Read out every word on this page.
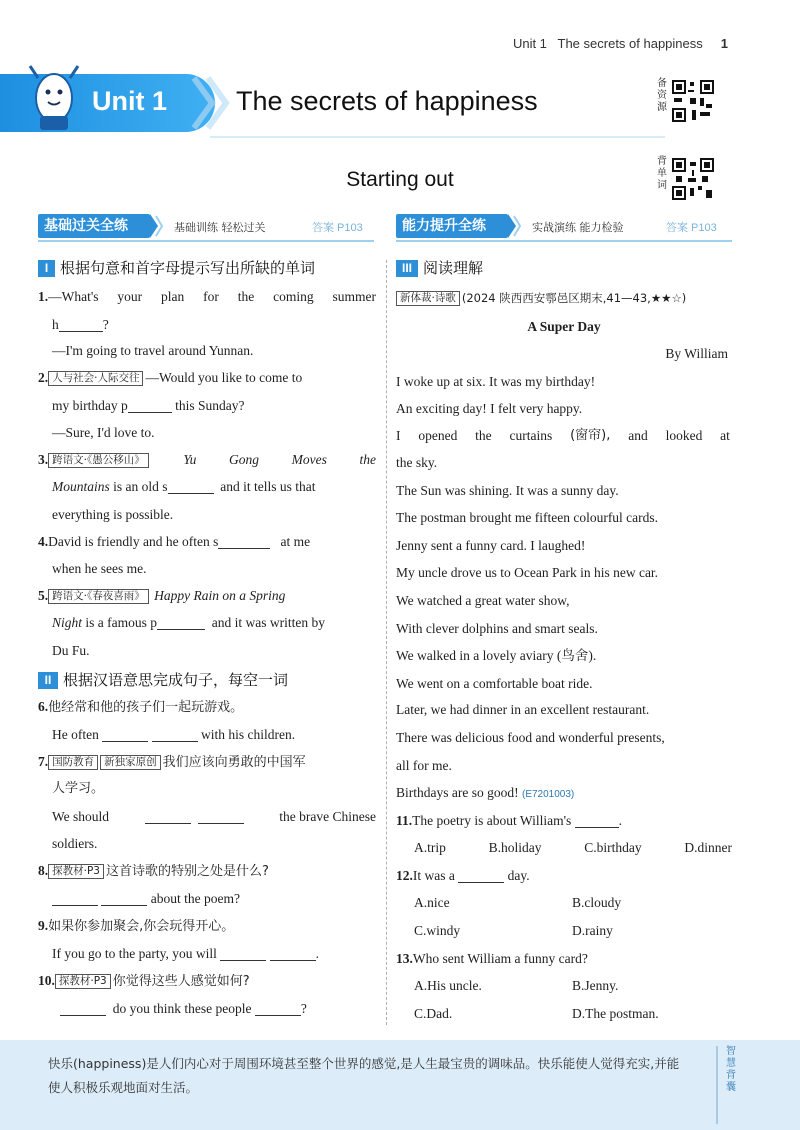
Unit 1   The secrets of happiness 1
Unit 1	The secrets of happiness
备
资
源
背
单
词
Starting out
基础过关全练	基础训练 轻松过关	答案 P103	能力提升全练	实战演练 能力检验	答案 P103
I 根据句意和首字母提示写出所缺的单词
1.—What's your plan for the coming summer
h	?
—I'm going to travel around Yunnan.
2. 人与社会·人际交往 —Would you like to come to
my birthday p	this Sunday?
—Sure, I'd love to.
3. 跨语文·《愚公移山》	Yu Gong Moves the
Mountains is an old s	and it tells us that
everything is possible.
4.David is friendly and he often s	at me
when he sees me.
5. 跨语文·《春夜喜雨》 Happy Rain on a Spring
Night is a famous p	and it was written by
Du Fu.
II 根据汉语意思完成句子，每空一词
6.他经常和他的孩子们一起玩游戏。
He often	with his children.
7. 国防教育 新独家原创 我们应该向勇敢的中国军
人学习。
We should
	the brave Chinese
soldiers.
8. 探教材·P3 这首诗歌的特别之处是什么?
about the poem?
9.如果你参加聚会,你会玩得开心。
If you go to the party, you will	.
10. 探教材·P3 你觉得这些人感觉如何?
do you think these people	?
III 阅读理解
新体裁·诗歌 (2024 陕西西安鄠邑区期末,41—43,★★☆)
A Super Day
By William
I woke up at six. It was my birthday!
An exciting day! I felt very happy.
I opened the curtains (窗帘), and looked at
the sky.
The Sun was shining. It was a sunny day.
The postman brought me fifteen colourful cards.
Jenny sent a funny card. I laughed!
My uncle drove us to Ocean Park in his new car.
We watched a great water show,
With clever dolphins and smart seals.
We walked in a lovely aviary (鸟舍).
We went on a comfortable boat ride.
Later, we had dinner in an excellent restaurant.
There was delicious food and wonderful presents,
all for me.
Birthdays are so good! (E7201003)
11.The poetry is about William's	.
A.trip	B.holiday	C.birthday	D.dinner
12.It was a	day.
A.nice	B.cloudy
C.windy	D.rainy
13.Who sent William a funny card?
A.His uncle.	B.Jenny.
C.Dad.	D.The postman.
快乐(happiness)是人们内心对于周围环境甚至整个世界的感觉,是人生最宝贵的调味品。快乐能使人觉得充实,并能使人积极乐观地面对生活。
智
慧
背
囊
